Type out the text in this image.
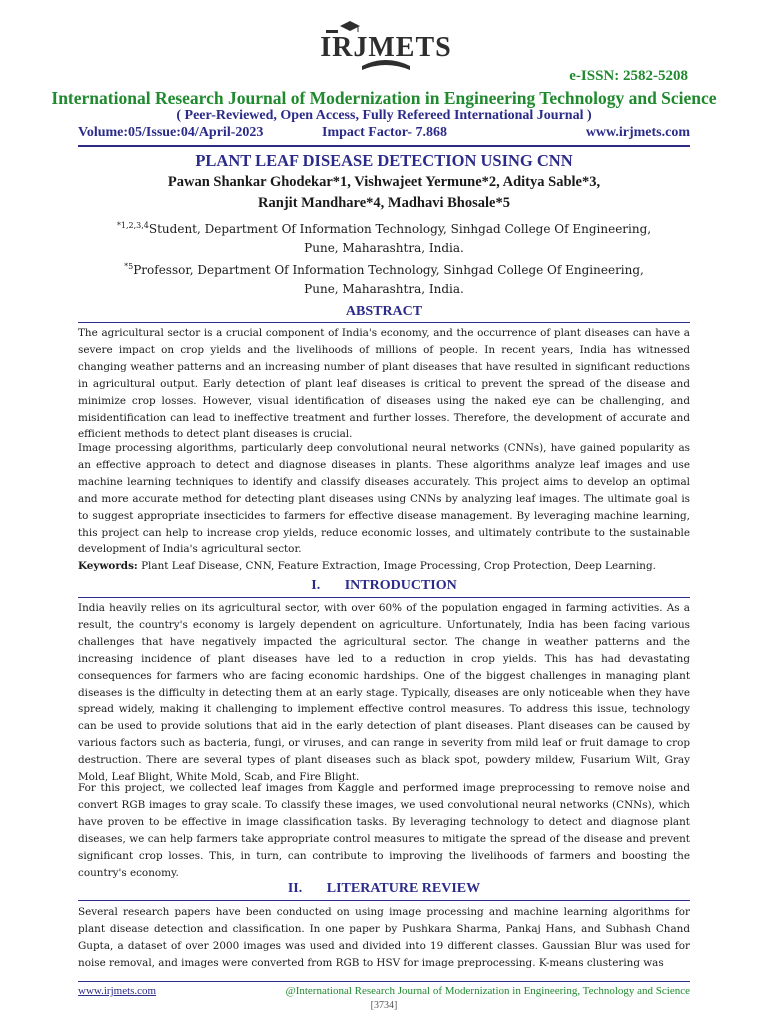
IRJMETS
e-ISSN: 2582-5208
International Research Journal of Modernization in Engineering Technology and Science
( Peer-Reviewed, Open Access, Fully Refereed International Journal )
Volume:05/Issue:04/April-2023	Impact Factor- 7.868	www.irjmets.com
PLANT LEAF DISEASE DETECTION USING CNN
Pawan Shankar Ghodekar*1, Vishwajeet Yermune*2, Aditya Sable*3,
Ranjit Mandhare*4, Madhavi Bhosale*5
$^{*1,2,3,4}$Student, Department Of Information Technology, Sinhgad College Of Engineering,
Pune, Maharashtra, India.
$^{*5}$Professor, Department Of Information Technology, Sinhgad College Of Engineering,
Pune, Maharashtra, India.
ABSTRACT
The agricultural sector is a crucial component of India's economy, and the occurrence of plant diseases can have a severe impact on crop yields and the livelihoods of millions of people. In recent years, India has witnessed changing weather patterns and an increasing number of plant diseases that have resulted in significant reductions in agricultural output. Early detection of plant leaf diseases is critical to prevent the spread of the disease and minimize crop losses. However, visual identification of diseases using the naked eye can be challenging, and misidentification can lead to ineffective treatment and further losses. Therefore, the development of accurate and efficient methods to detect plant diseases is crucial.
Image processing algorithms, particularly deep convolutional neural networks (CNNs), have gained popularity as an effective approach to detect and diagnose diseases in plants. These algorithms analyze leaf images and use machine learning techniques to identify and classify diseases accurately. This project aims to develop an optimal and more accurate method for detecting plant diseases using CNNs by analyzing leaf images. The ultimate goal is to suggest appropriate insecticides to farmers for effective disease management. By leveraging machine learning, this project can help to increase crop yields, reduce economic losses, and ultimately contribute to the sustainable development of India's agricultural sector.
Keywords: Plant Leaf Disease, CNN, Feature Extraction, Image Processing, Crop Protection, Deep Learning.
I.       INTRODUCTION
India heavily relies on its agricultural sector, with over 60% of the population engaged in farming activities. As a result, the country's economy is largely dependent on agriculture. Unfortunately, India has been facing various challenges that have negatively impacted the agricultural sector. The change in weather patterns and the increasing incidence of plant diseases have led to a reduction in crop yields. This has had devastating consequences for farmers who are facing economic hardships. One of the biggest challenges in managing plant diseases is the difficulty in detecting them at an early stage. Typically, diseases are only noticeable when they have spread widely, making it challenging to implement effective control measures. To address this issue, technology can be used to provide solutions that aid in the early detection of plant diseases. Plant diseases can be caused by various factors such as bacteria, fungi, or viruses, and can range in severity from mild leaf or fruit damage to crop destruction. There are several types of plant diseases such as black spot, powdery mildew, Fusarium Wilt, Gray Mold, Leaf Blight, White Mold, Scab, and Fire Blight.
For this project, we collected leaf images from Kaggle and performed image preprocessing to remove noise and convert RGB images to gray scale. To classify these images, we used convolutional neural networks (CNNs), which have proven to be effective in image classification tasks. By leveraging technology to detect and diagnose plant diseases, we can help farmers take appropriate control measures to mitigate the spread of the disease and prevent significant crop losses. This, in turn, can contribute to improving the livelihoods of farmers and boosting the country's economy.
II.       LITERATURE REVIEW
Several research papers have been conducted on using image processing and machine learning algorithms for plant disease detection and classification. In one paper by Pushkara Sharma, Pankaj Hans, and Subhash Chand Gupta, a dataset of over 2000 images was used and divided into 19 different classes. Gaussian Blur was used for noise removal, and images were converted from RGB to HSV for image preprocessing. K-means clustering was
www.irjmets.com	@International Research Journal of Modernization in Engineering, Technology and Science
[3734]
